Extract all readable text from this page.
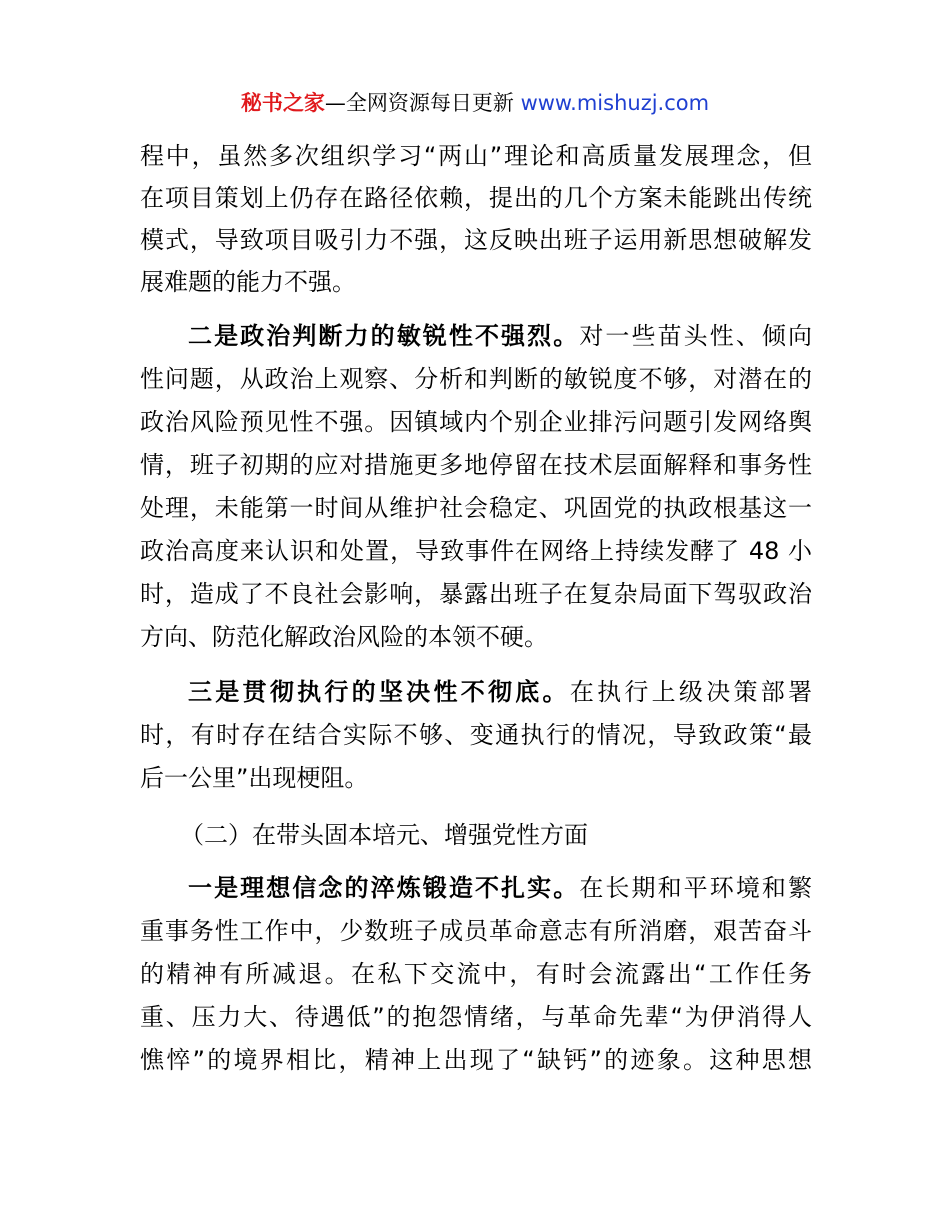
秘书之家—全网资源每日更新 www.mishuzj.com
程中，虽然多次组织学习“两山”理论和高质量发展理念，但
在项目策划上仍存在路径依赖，提出的几个方案未能跳出传统
模式，导致项目吸引力不强，这反映出班子运用新思想破解发
展难题的能力不强。
二是政治判断力的敏锐性不强烈。对一些苗头性、倾向
性问题，从政治上观察、分析和判断的敏锐度不够，对潜在的
政治风险预见性不强。因镇域内个别企业排污问题引发网络舆
情，班子初期的应对措施更多地停留在技术层面解释和事务性
处理，未能第一时间从维护社会稳定、巩固党的执政根基这一
政治高度来认识和处置，导致事件在网络上持续发酵了 48 小
时，造成了不良社会影响，暴露出班子在复杂局面下驾驭政治
方向、防范化解政治风险的本领不硬。
三是贯彻执行的坚决性不彻底。在执行上级决策部署
时，有时存在结合实际不够、变通执行的情况，导致政策“最
后一公里”出现梗阻。
（二）在带头固本培元、增强党性方面
一是理想信念的淬炼锻造不扎实。在长期和平环境和繁
重事务性工作中，少数班子成员革命意志有所消磨，艰苦奋斗
的精神有所减退。在私下交流中，有时会流露出“工作任务
重、压力大、待遇低”的抱怨情绪，与革命先辈“为伊消得人
憔悴”的境界相比，精神上出现了“缺钙”的迹象。这种思想
